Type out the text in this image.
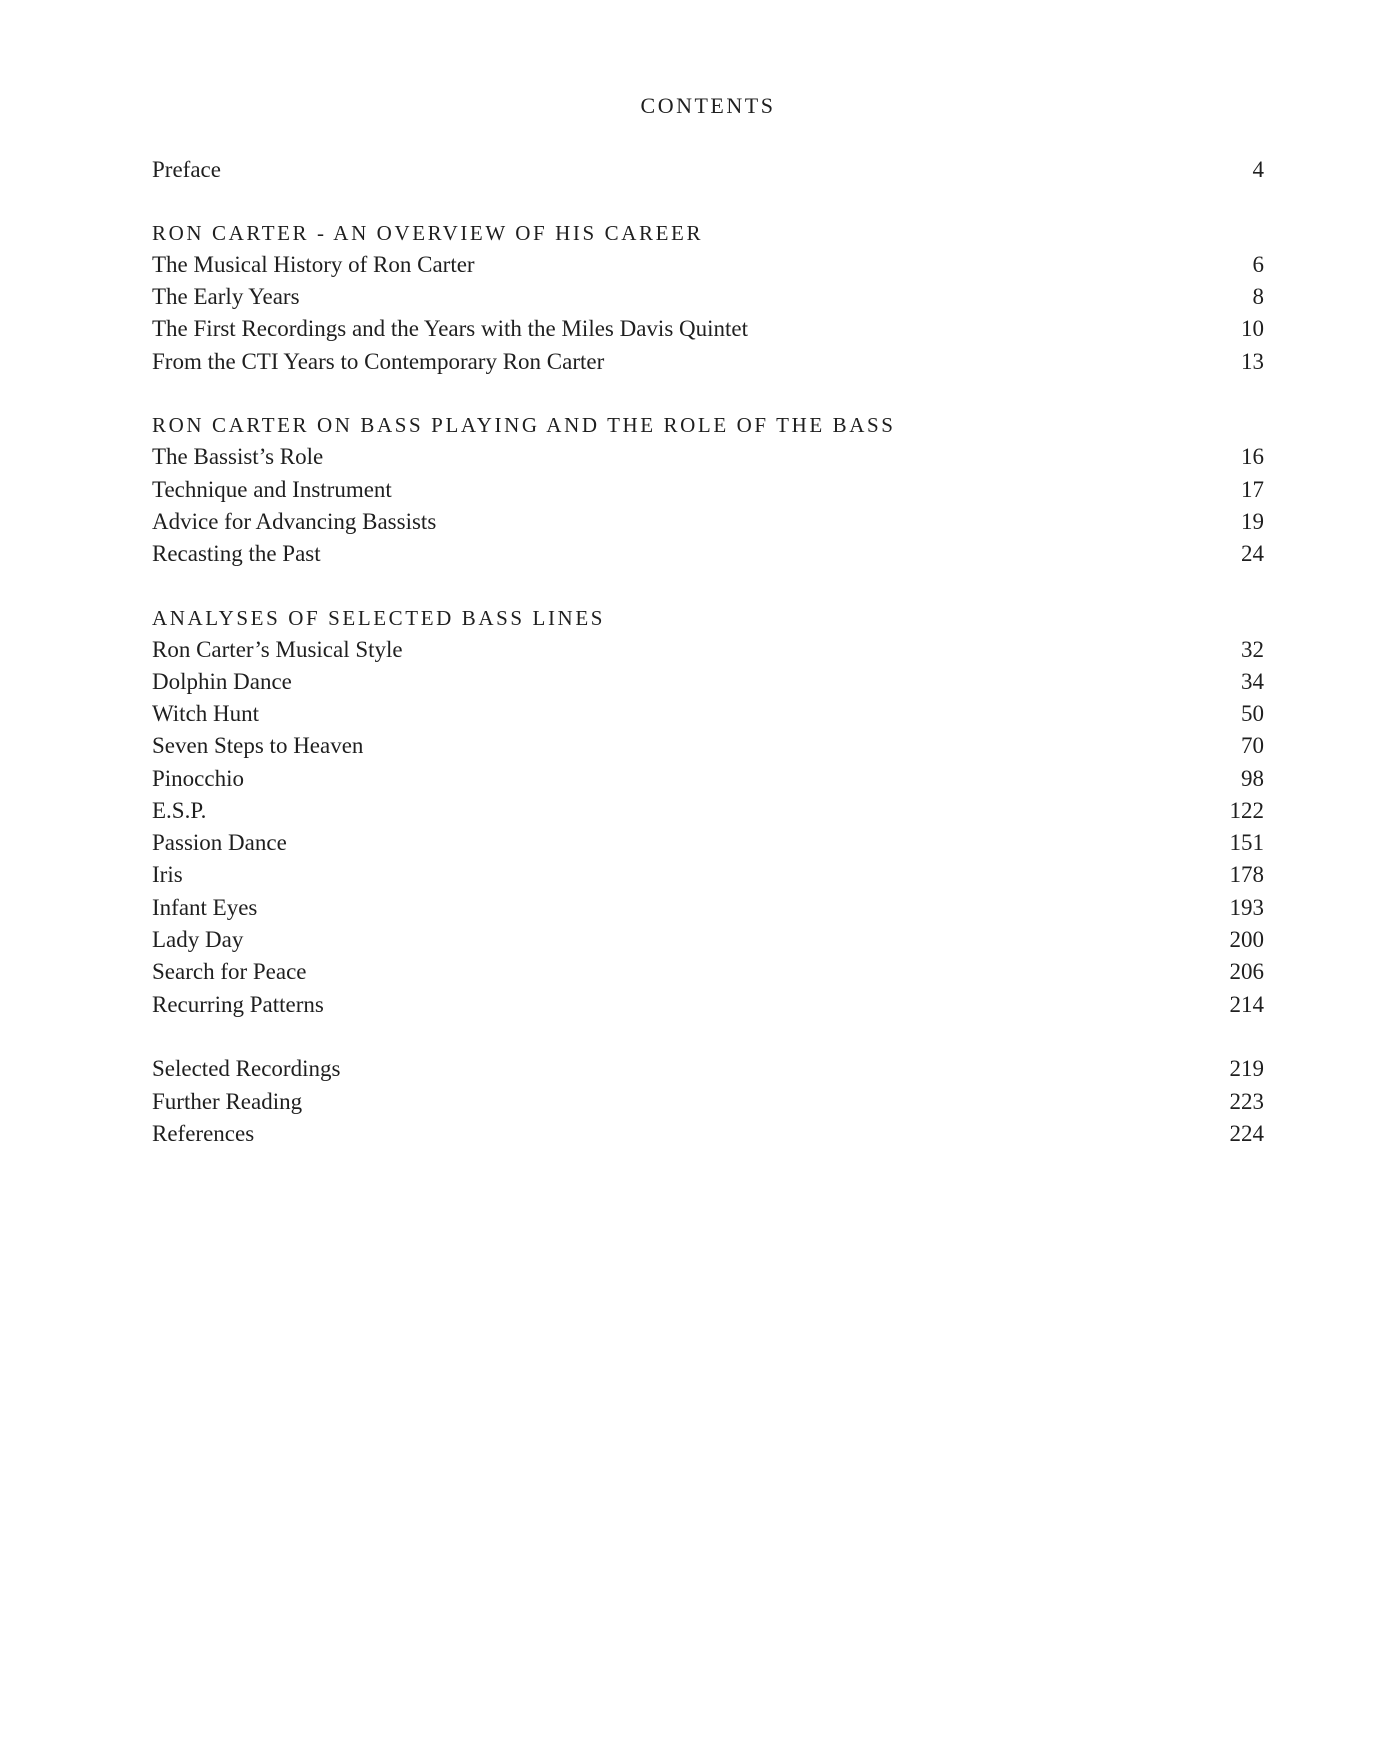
CONTENTS
Preface	4
RON CARTER - AN OVERVIEW OF HIS CAREER
The Musical History of Ron Carter	6
The Early Years	8
The First Recordings and the Years with the Miles Davis Quintet	10
From the CTI Years to Contemporary Ron Carter	13
RON CARTER ON BASS PLAYING AND THE ROLE OF THE BASS
The Bassist’s Role	16
Technique and Instrument	17
Advice for Advancing Bassists	19
Recasting the Past	24
ANALYSES OF SELECTED BASS LINES
Ron Carter’s Musical Style	32
Dolphin Dance	34
Witch Hunt	50
Seven Steps to Heaven	70
Pinocchio	98
E.S.P.	122
Passion Dance	151
Iris	178
Infant Eyes	193
Lady Day	200
Search for Peace	206
Recurring Patterns	214
Selected Recordings	219
Further Reading	223
References	224
